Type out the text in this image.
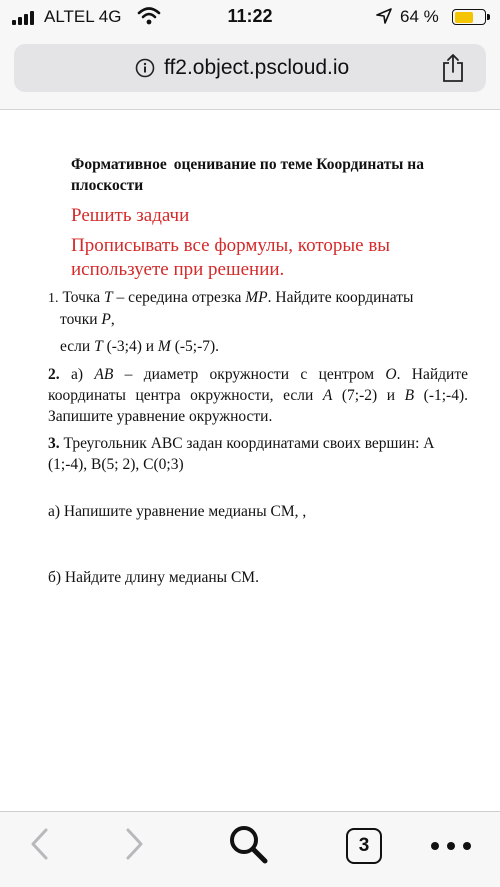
ALTEL 4G	11:22	64 %
ff2.object.pscloud.io
Формативное оценивание по теме Координаты на плоскости
Решить задачи
Прописывать все формулы, которые вы используете при решении.
1. Точка T – середина отрезка MP. Найдите координаты
точки P,
если T (-3;4) и M (-5;-7).
2. а) AB – диаметр окружности с центром O. Найдите координаты центра окружности, если A (7;-2) и B (-1;-4). Запишите уравнение окружности.
3. Треугольник АВС задан координатами своих вершин: А (1;-4), В(5; 2), С(0;3)
а) Напишите уравнение медианы СМ, ,
б) Найдите длину медианы СМ.
3
